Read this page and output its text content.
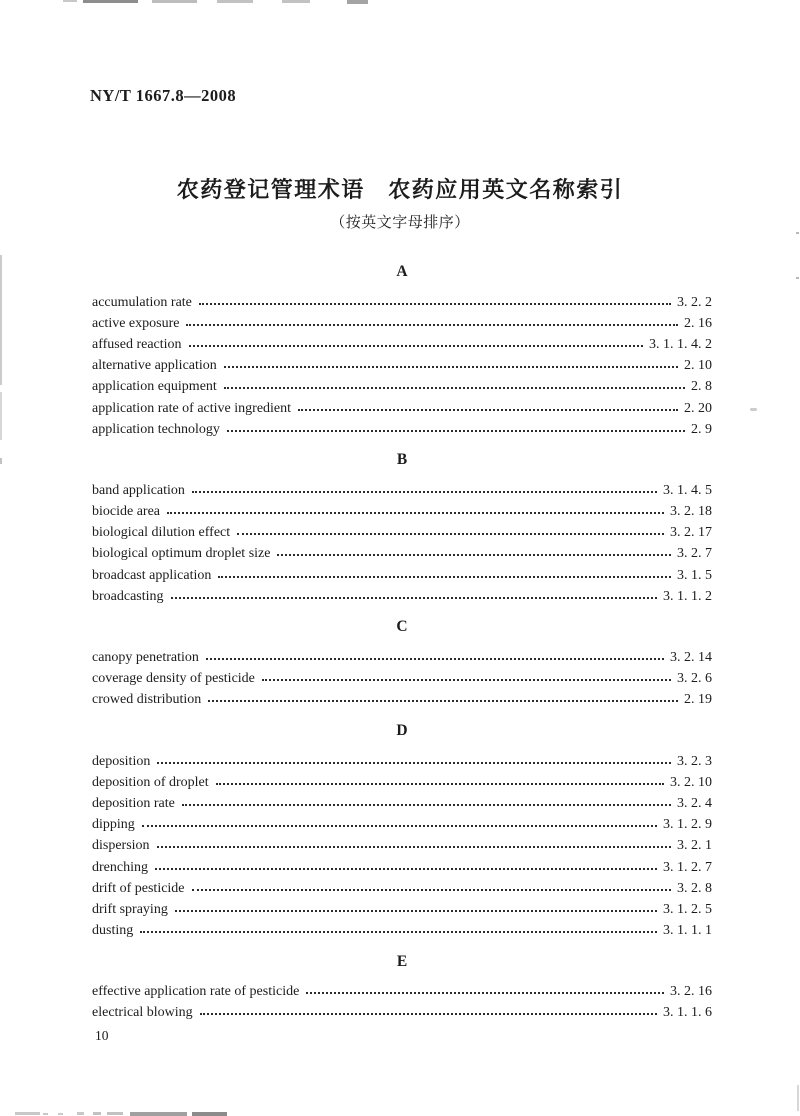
NY/T 1667.8—2008
农药登记管理术语　农药应用英文名称索引
（按英文字母排序）
A
accumulation rate	3. 2. 2
active exposure	2. 16
affused reaction	3. 1. 1. 4. 2
alternative application	2. 10
application equipment	2. 8
application rate of active ingredient	2. 20
application technology	2. 9
B
band application	3. 1. 4. 5
biocide area	3. 2. 18
biological dilution effect	3. 2. 17
biological optimum droplet size	3. 2. 7
broadcast application	3. 1. 5
broadcasting	3. 1. 1. 2
C
canopy penetration	3. 2. 14
coverage density of pesticide	3. 2. 6
crowed distribution	2. 19
D
deposition	3. 2. 3
deposition of droplet	3. 2. 10
deposition rate	3. 2. 4
dipping	3. 1. 2. 9
dispersion	3. 2. 1
drenching	3. 1. 2. 7
drift of pesticide	3. 2. 8
drift spraying	3. 1. 2. 5
dusting	3. 1. 1. 1
E
effective application rate of pesticide	3. 2. 16
electrical blowing	3. 1. 1. 6
10
